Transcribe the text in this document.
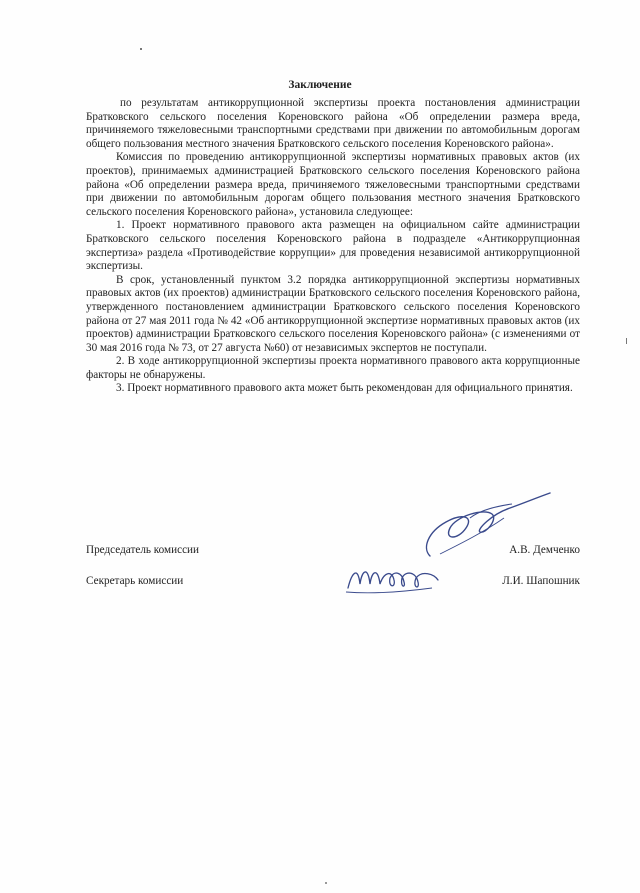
Заключение

по результатам антикоррупционной экспертизы проекта постановления администрации Братковского сельского поселения Кореновского района «Об определении размера вреда, причиняемого тяжеловесными транспортными средствами при движении по автомобильным дорогам общего пользования местного значения Братковского сельского поселения Кореновского района».

Комиссия по проведению антикоррупционной экспертизы нормативных правовых актов (их проектов), принимаемых администрацией Братковского сельского поселения Кореновского района района «Об определении размера вреда, причиняемого тяжеловесными транспортными средствами при движении по автомобильным дорогам общего пользования местного значения Братковского сельского поселения Кореновского района», установила следующее:

1. Проект нормативного правового акта размещен на официальном сайте администрации Братковского сельского поселения Кореновского района в подразделе «Антикоррупционная экспертиза» раздела «Противодействие коррупции» для проведения независимой антикоррупционной экспертизы.

В срок, установленный пунктом 3.2 порядка антикоррупционной экспертизы нормативных правовых актов (их проектов) администрации Братковского сельского поселения Кореновского района, утвержденного постановлением администрации Братковского сельского поселения Кореновского района от 27 мая 2011 года № 42 «Об антикоррупционной экспертизе нормативных правовых актов (их проектов) администрации Братковского сельского поселения Кореновского района» (с изменениями от 30 мая 2016 года № 73, от 27 августа №60) от независимых экспертов не поступали.

2. В ходе антикоррупционной экспертизы проекта нормативного правового акта коррупционные факторы не обнаружены.

3. Проект нормативного правового акта может быть рекомендован для официального принятия.

Председатель комиссии	А.В. Демченко
Секретарь комиссии	Л.И. Шапошник
